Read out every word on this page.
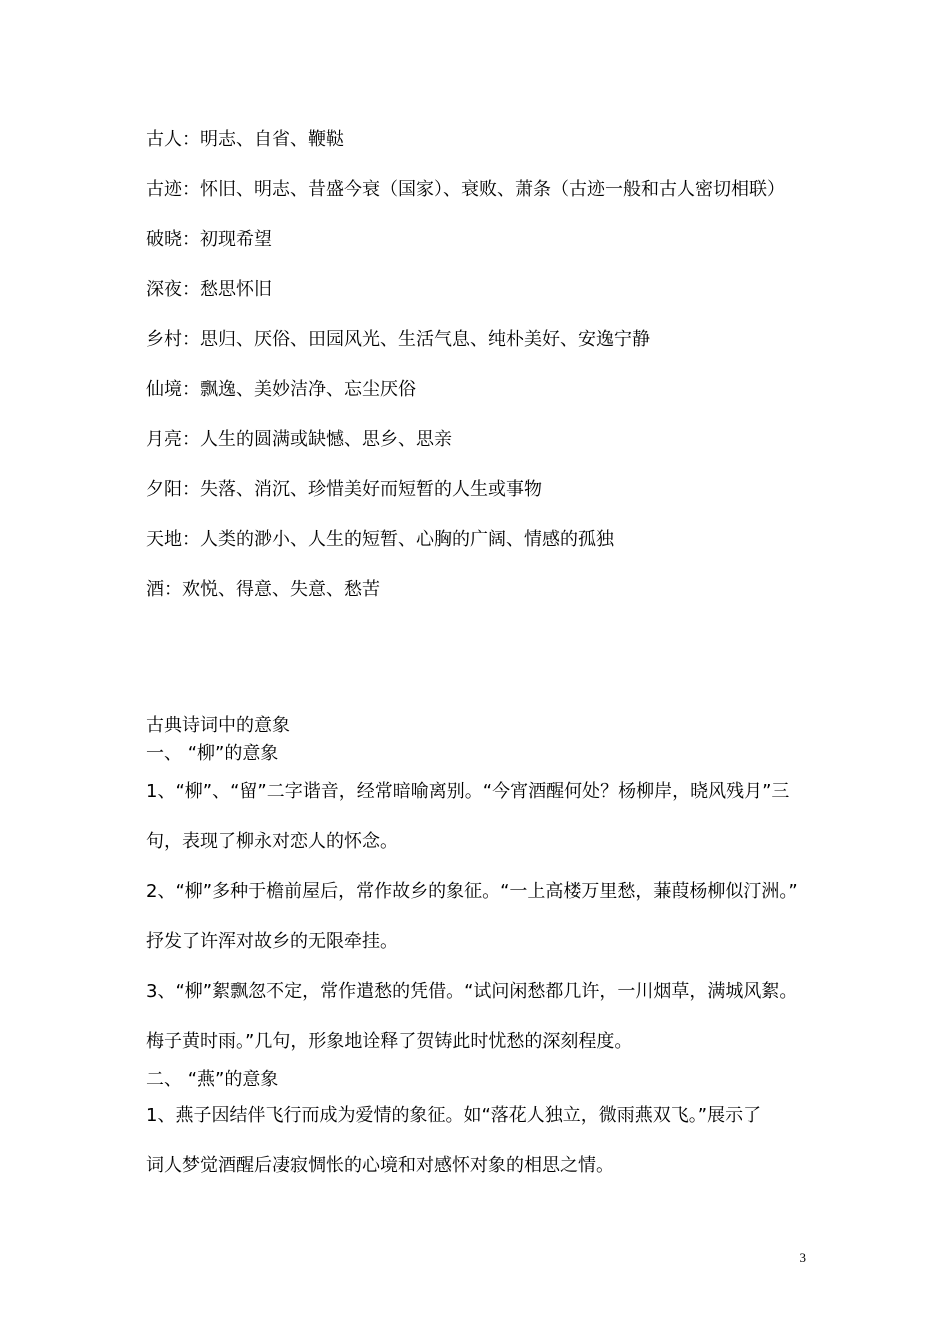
古人：明志、自省、鞭鞑

古迹：怀旧、明志、昔盛今衰（国家）、衰败、萧条（古迹一般和古人密切相联）

破晓：初现希望

深夜：愁思怀旧

乡村：思归、厌俗、田园风光、生活气息、纯朴美好、安逸宁静

仙境：飘逸、美妙洁净、忘尘厌俗

月亮：人生的圆满或缺憾、思乡、思亲

夕阳：失落、消沉、珍惜美好而短暂的人生或事物

天地：人类的渺小、人生的短暂、心胸的广阔、情感的孤独

酒：欢悦、得意、失意、愁苦

古典诗词中的意象

一、 “柳”的意象

1、“柳”、“留”二字谐音，经常暗喻离别。“今宵酒醒何处？杨柳岸，晓风残月”三

句，表现了柳永对恋人的怀念。

2、“柳”多种于檐前屋后，常作故乡的象征。“一上高楼万里愁，蒹葭杨柳似汀洲。”

抒发了许浑对故乡的无限牵挂。

3、“柳”絮飘忽不定，常作遣愁的凭借。“试问闲愁都几许，一川烟草，满城风絮。

梅子黄时雨。”几句，形象地诠释了贺铸此时忧愁的深刻程度。

二、 “燕”的意象

1、燕子因结伴飞行而成为爱情的象征。如“落花人独立，微雨燕双飞。”展示了

词人梦觉酒醒后凄寂惆怅的心境和对感怀对象的相思之情。

3
